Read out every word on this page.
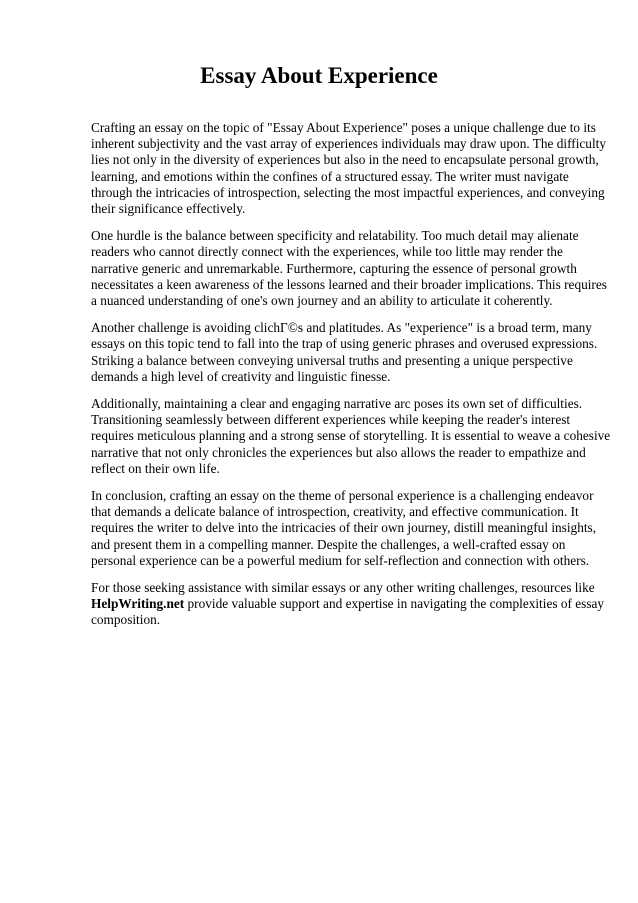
Essay About Experience

Crafting an essay on the topic of "Essay About Experience" poses a unique challenge due to its
inherent subjectivity and the vast array of experiences individuals may draw upon. The difficulty
lies not only in the diversity of experiences but also in the need to encapsulate personal growth,
learning, and emotions within the confines of a structured essay. The writer must navigate
through the intricacies of introspection, selecting the most impactful experiences, and conveying
their significance effectively.

One hurdle is the balance between specificity and relatability. Too much detail may alienate
readers who cannot directly connect with the experiences, while too little may render the
narrative generic and unremarkable. Furthermore, capturing the essence of personal growth
necessitates a keen awareness of the lessons learned and their broader implications. This requires
a nuanced understanding of one's own journey and an ability to articulate it coherently.

Another challenge is avoiding clichГ©s and platitudes. As "experience" is a broad term, many
essays on this topic tend to fall into the trap of using generic phrases and overused expressions.
Striking a balance between conveying universal truths and presenting a unique perspective
demands a high level of creativity and linguistic finesse.

Additionally, maintaining a clear and engaging narrative arc poses its own set of difficulties.
Transitioning seamlessly between different experiences while keeping the reader's interest
requires meticulous planning and a strong sense of storytelling. It is essential to weave a cohesive
narrative that not only chronicles the experiences but also allows the reader to empathize and
reflect on their own life.

In conclusion, crafting an essay on the theme of personal experience is a challenging endeavor
that demands a delicate balance of introspection, creativity, and effective communication. It
requires the writer to delve into the intricacies of their own journey, distill meaningful insights,
and present them in a compelling manner. Despite the challenges, a well-crafted essay on
personal experience can be a powerful medium for self-reflection and connection with others.

For those seeking assistance with similar essays or any other writing challenges, resources like
HelpWriting.net provide valuable support and expertise in navigating the complexities of essay
composition.
